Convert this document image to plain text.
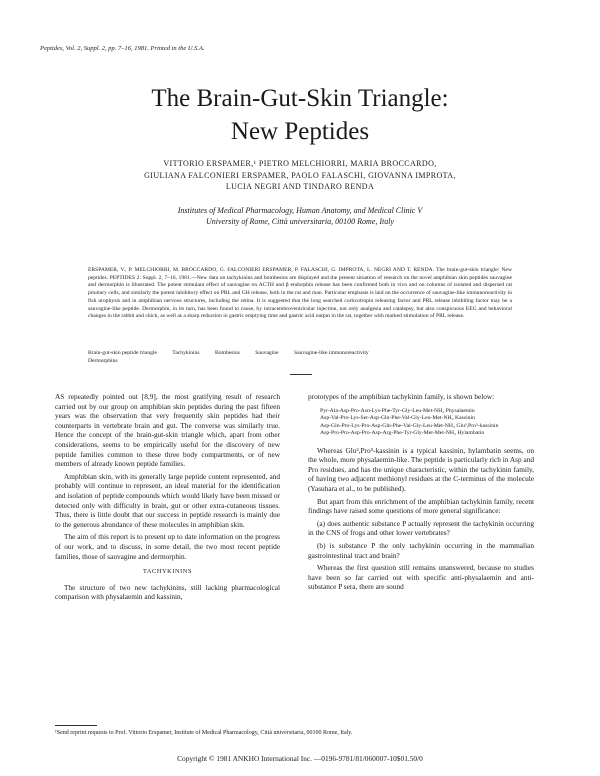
Peptides, Vol. 2, Suppl. 2, pp. 7–16, 1981. Printed in the U.S.A.
The Brain-Gut-Skin Triangle:
New Peptides
VITTORIO ERSPAMER,¹ PIETRO MELCHIORRI, MARIA BROCCARDO,
GIULIANA FALCONIERI ERSPAMER, PAOLO FALASCHI, GIOVANNA IMPROTA,
LUCIA NEGRI AND TINDARO RENDA
Institutes of Medical Pharmacology, Human Anatomy, and Medical Clinic V
University of Rome, Città universitaria, 00100 Rome, Italy
ERSPAMER, V., P. MELCHIORRI, M. BROCCARDO, G. FALCONIERI ERSPAMER, P. FALASCHI, G. IMPROTA, L. NEGRI AND T. RENDA. The brain-gut-skin triangle: New peptides. PEPTIDES 2: Suppl. 2, 7–16, 1981.—New data on tachykinins and bombesins are displayed and the present situation of research on the novel amphibian skin peptides sauvagine and dermorphin is illustrated. The potent stimulant effect of sauvagine on ACTH and β endorphin release has been confirmed both in vivo and on columns of isolated and dispersed rat pituitary cells, and similarly the potent inhibitory effect on PRL and GH release, both in the rat and man. Particular emphasis is laid on the occurrence of sauvagine-like immunoreactivity in fish urophysis and in amphibian nervous structures, including the retina. It is suggested that the long searched corticotropin releasing factor and PRL release inhibiting factor may be a sauvagine-like peptide. Dermorphin, in its turn, has been found to cause, by intracerebroventricular injection, not only analgesia and catalepsy, but also conspicuous EEG and behavioral changes in the rabbit and chick, as well as a sharp reduction in gastric emptying time and gastric acid output in the rat, together with marked stimulation of PRL release.
Brain-gut-skin peptide triangle	Tachykinins	Bombesins	Sauvagine	Sauvagine-like immunoreactivity
Dermorphins

AS repeatedly pointed out [8,9], the most gratifying result of research carried out by our group on amphibian skin peptides during the past fifteen years was the observation that very frequently skin peptides had their counterparts in vertebrate brain and gut. The converse was similarly true. Hence the concept of the brain-gut-skin triangle which, apart from other considerations, seems to be empirically useful for the discovery of new peptide families common to these three body compartments, or of new members of already known peptide families.

Amphibian skin, with its generally large peptide content represented, and probably will continue to represent, an ideal material for the identification and isolation of peptide compounds which would likely have been missed or detected only with difficulty in brain, gut or other extra-cutaneous tissues. Thus, there is little doubt that our success in peptide research is mainly due to the generous abundance of these molecules in amphibian skin.

The aim of this report is to present up to date information on the progress of our work, and to discuss, in some detail, the two most recent peptide families, those of sauvagine and dermorphin.

TACHYKININS

The structure of two new tachykinins, still lacking pharmacological comparison with physalaemin and kassinin,

prototypes of the amphibian tachykinin family, is shown below:

Pyr-Ala-Asp-Pro-Asn-Lys-Phe-Tyr-Gly-Leu-Met-NH₂ Physalaemin
Asp-Val-Pro-Lys-Ser-Asp-Gln-Phe-Val-Gly-Leu-Met-NH₂ Kassinin
Asp-Gln-Pro-Lys-Pro-Asp-Gln-Phe-Val-Gly-Leu-Met-NH₂ Glu²,Pro⁵-kassinin
Asp-Pro-Pro-Asp-Pro-Asp-Arg-Phe-Tyr-Gly-Met-Met-NH₂ Hylambatin

Whereas Glu²,Pro⁵-kassinin is a typical kassinin, hylambatin seems, on the whole, more physalaemin-like. The peptide is particularly rich in Asp and Pro residues, and has the unique characteristic, within the tachykinin family, of having two adjacent methionyl residues at the C-terminus of the molecule (Yasuhara et al., to be published).

But apart from this enrichment of the amphibian tachykinin family, recent findings have raised some questions of more general significance:

(a) does authentic substance P actually represent the tachykinin occurring in the CNS of frogs and other lower vertebrates?

(b) is substance P the only tachykinin occurring in the mammalian gastrointestinal tract and brain?

Whereas the first question still remains unanswered, because no studies have been so far carried out with specific anti-physalaemin and anti-substance P sera, there are sound

¹Send reprint requests to Prof. Vittorio Erspamer, Institute of Medical Pharmacology, Città universitaria, 00100 Rome, Italy.
Copyright © 1981 ANKHO International Inc. —0196-9781/81/060007-10$01.50/0
